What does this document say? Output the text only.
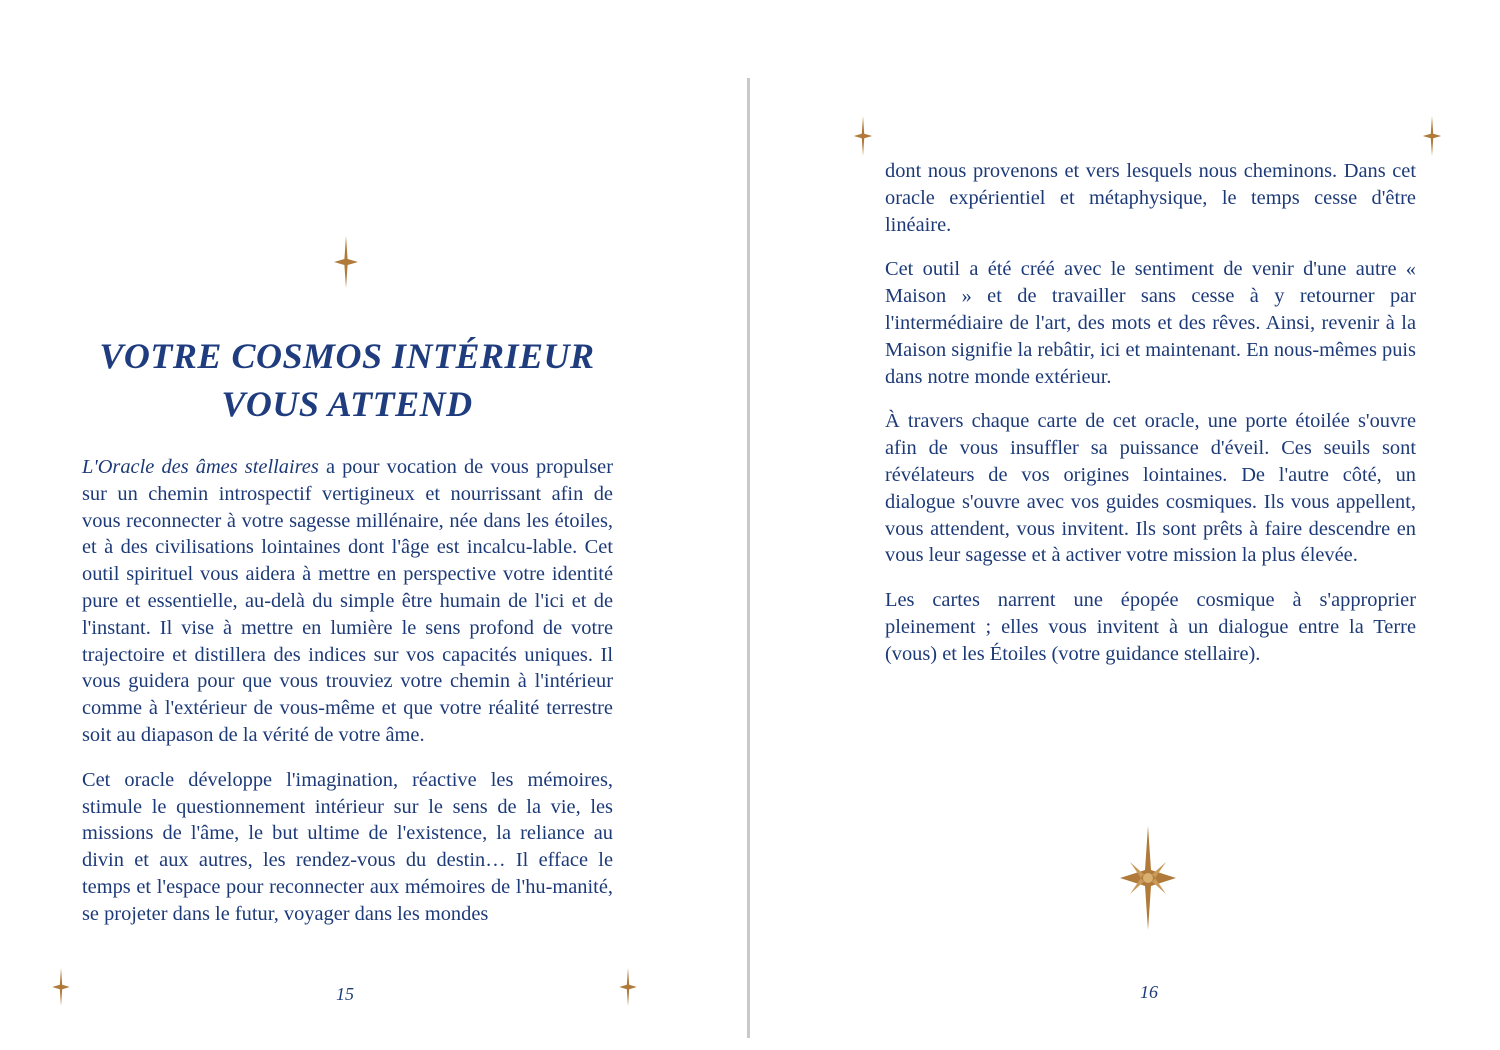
VOTRE COSMOS INTÉRIEUR
VOUS ATTEND

L'Oracle des âmes stellaires a pour vocation de vous propulser sur un chemin introspectif vertigineux et nourrissant afin de vous reconnecter à votre sagesse millénaire, née dans les étoiles, et à des civilisations lointaines dont l'âge est incalcu-lable. Cet outil spirituel vous aidera à mettre en perspective votre identité pure et essentielle, au-delà du simple être humain de l'ici et de l'instant. Il vise à mettre en lumière le sens profond de votre trajectoire et distillera des indices sur vos capacités uniques. Il vous guidera pour que vous trouviez votre chemin à l'intérieur comme à l'extérieur de vous-même et que votre réalité terrestre soit au diapason de la vérité de votre âme.

Cet oracle développe l'imagination, réactive les mémoires, stimule le questionnement intérieur sur le sens de la vie, les missions de l'âme, le but ultime de l'existence, la reliance au divin et aux autres, les rendez-vous du destin… Il efface le temps et l'espace pour reconnecter aux mémoires de l'hu-manité, se projeter dans le futur, voyager dans les mondes

15

dont nous provenons et vers lesquels nous cheminons. Dans cet oracle expérientiel et métaphysique, le temps cesse d'être linéaire.

Cet outil a été créé avec le sentiment de venir d'une autre « Maison » et de travailler sans cesse à y retourner par l'intermédiaire de l'art, des mots et des rêves. Ainsi, revenir à la Maison signifie la rebâtir, ici et maintenant. En nous-mêmes puis dans notre monde extérieur.

À travers chaque carte de cet oracle, une porte étoilée s'ouvre afin de vous insuffler sa puissance d'éveil. Ces seuils sont révélateurs de vos origines lointaines. De l'autre côté, un dialogue s'ouvre avec vos guides cosmiques. Ils vous appellent, vous attendent, vous invitent. Ils sont prêts à faire descendre en vous leur sagesse et à activer votre mission la plus élevée.

Les cartes narrent une épopée cosmique à s'approprier pleinement ; elles vous invitent à un dialogue entre la Terre (vous) et les Étoiles (votre guidance stellaire).

16
